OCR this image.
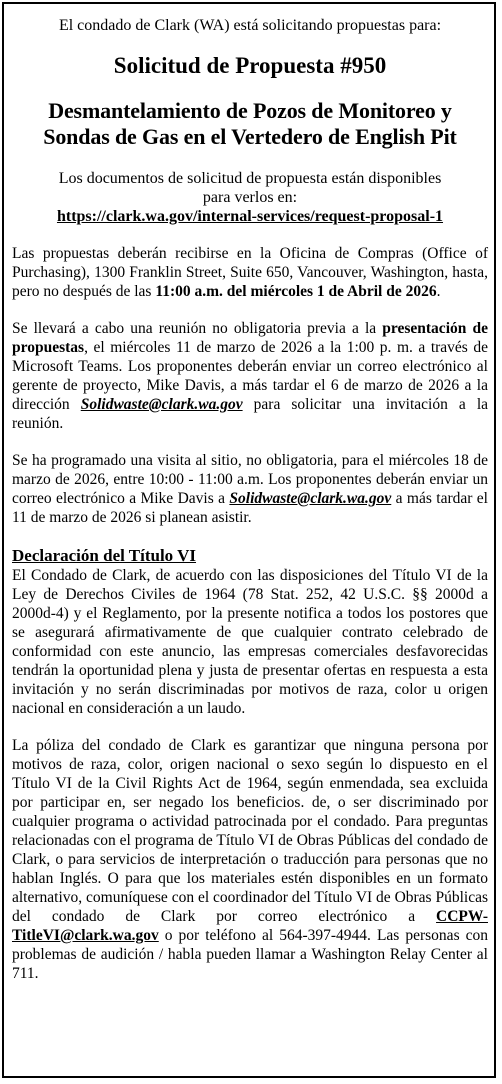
El condado de Clark (WA) está solicitando propuestas para:

Solicitud de Propuesta #950

Desmantelamiento de Pozos de Monitoreo y
Sondas de Gas en el Vertedero de English Pit
Los documentos de solicitud de propuesta están disponibles
para verlos en:
https://clark.wa.gov/internal-services/request-proposal-1

Las propuestas deberán recibirse en la Oficina de Compras (Office of Purchasing), 1300 Franklin Street, Suite 650, Vancouver, Washington, hasta, pero no después de las 11:00 a.m. del miércoles 1 de Abril de 2026.

Se llevará a cabo una reunión no obligatoria previa a la presentación de propuestas, el miércoles 11 de marzo de 2026 a la 1:00 p. m. a través de Microsoft Teams. Los proponentes deberán enviar un correo electrónico al gerente de proyecto, Mike Davis, a más tardar el 6 de marzo de 2026 a la dirección Solidwaste@clark.wa.gov para solicitar una invitación a la reunión.

Se ha programado una visita al sitio, no obligatoria, para el miércoles 18 de marzo de 2026, entre 10:00 - 11:00 a.m. Los proponentes deberán enviar un correo electrónico a Mike Davis a Solidwaste@clark.wa.gov a más tardar el 11 de marzo de 2026 si planean asistir.

Declaración del Título VI

El Condado de Clark, de acuerdo con las disposiciones del Título VI de la Ley de Derechos Civiles de 1964 (78 Stat. 252, 42 U.S.C. §§ 2000d a 2000d-4) y el Reglamento, por la presente notifica a todos los postores que se asegurará afirmativamente de que cualquier contrato celebrado de conformidad con este anuncio, las empresas comerciales desfavorecidas tendrán la oportunidad plena y justa de presentar ofertas en respuesta a esta invitación y no serán discriminadas por motivos de raza, color u origen nacional en consideración a un laudo.

La póliza del condado de Clark es garantizar que ninguna persona por motivos de raza, color, origen nacional o sexo según lo dispuesto en el Título VI de la Civil Rights Act de 1964, según enmendada, sea excluida por participar en, ser negado los beneficios. de, o ser discriminado por cualquier programa o actividad patrocinada por el condado. Para preguntas relacionadas con el programa de Título VI de Obras Públicas del condado de Clark, o para servicios de interpretación o traducción para personas que no hablan Inglés. O para que los materiales estén disponibles en un formato alternativo, comuníquese con el coordinador del Título VI de Obras Públicas del condado de Clark por correo electrónico a CCPW-TitleVI@clark.wa.gov o por teléfono al 564-397-4944. Las personas con problemas de audición / habla pueden llamar a Washington Relay Center al 711.
